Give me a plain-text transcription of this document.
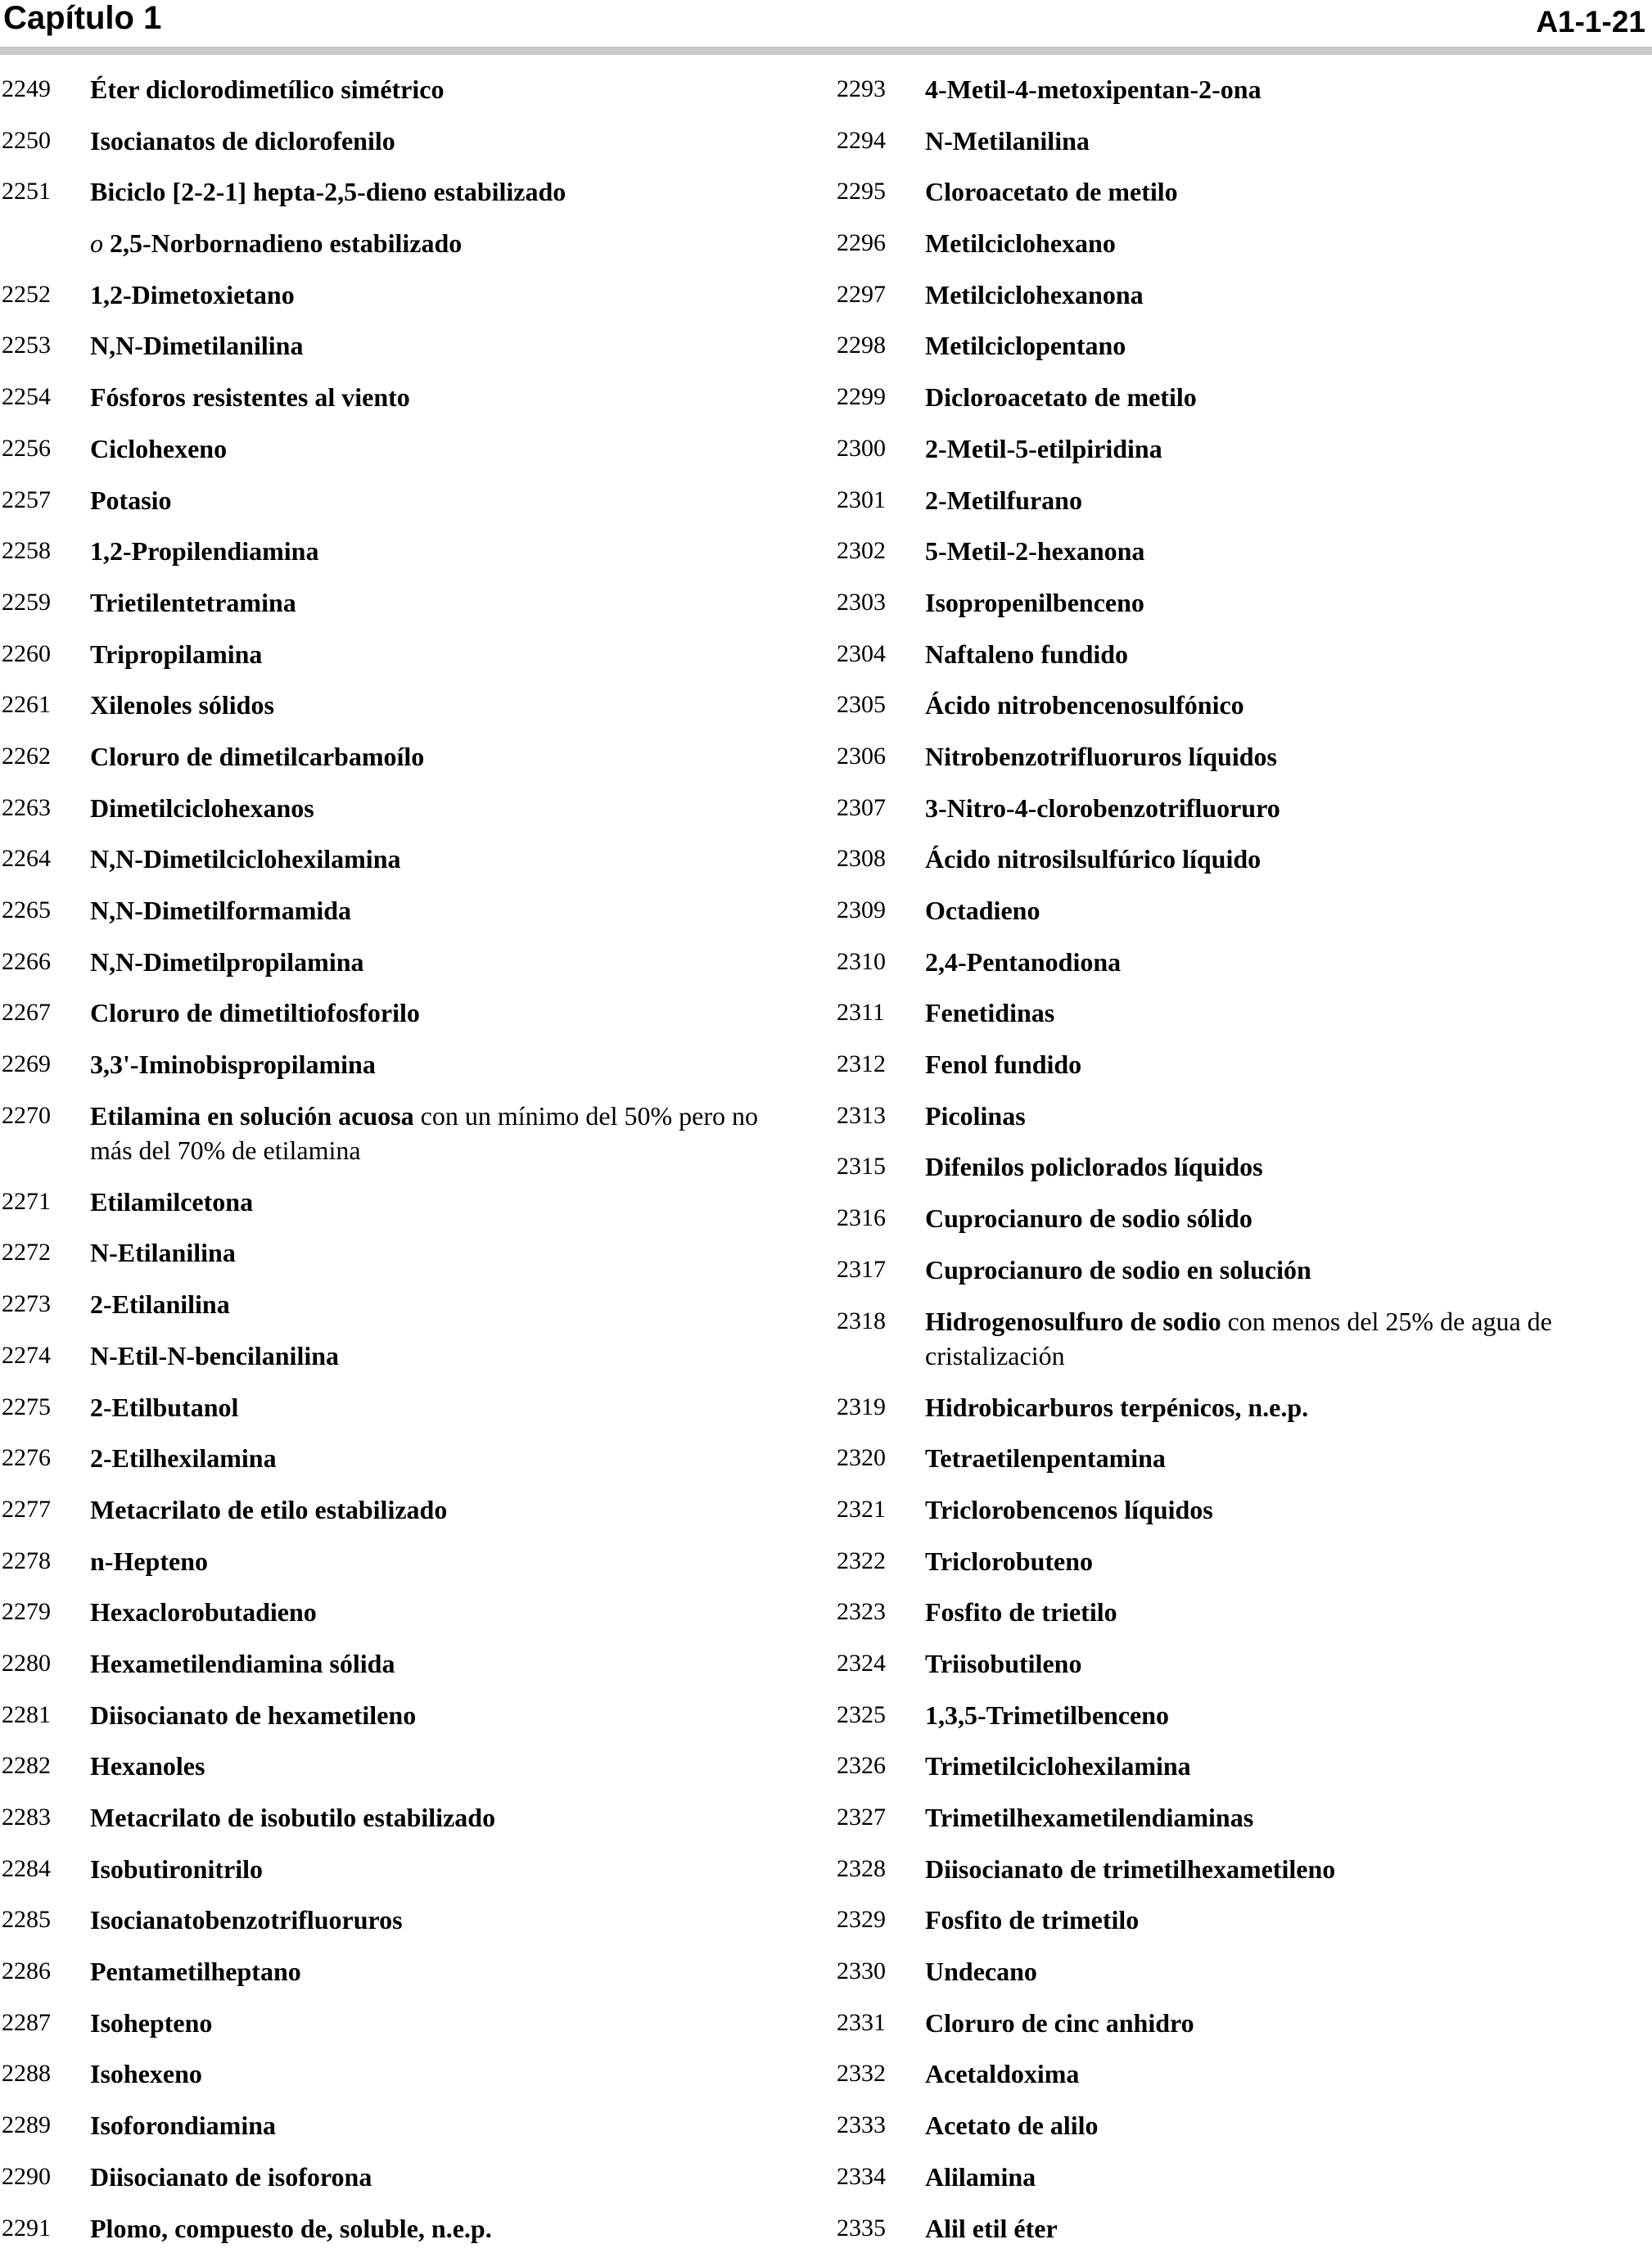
Capítulo 1	A1-1-21
2249	Éter diclorodimetílico simétrico
2250	Isocianatos de diclorofenilo
2251	Biciclo [2-2-1] hepta-2,5-dieno estabilizado
o 2,5-Norbornadieno estabilizado
2252	1,2-Dimetoxietano
2253	N,N-Dimetilanilina
2254	Fósforos resistentes al viento
2256	Ciclohexeno
2257	Potasio
2258	1,2-Propilendiamina
2259	Trietilentetramina
2260	Tripropilamina
2261	Xilenoles sólidos
2262	Cloruro de dimetilcarbamoílo
2263	Dimetilciclohexanos
2264	N,N-Dimetilciclohexilamina
2265	N,N-Dimetilformamida
2266	N,N-Dimetilpropilamina
2267	Cloruro de dimetiltiofosforilo
2269	3,3'-Iminobispropilamina
2270	Etilamina en solución acuosa con un mínimo del 50% pero no más del 70% de etilamina
2271	Etilamilcetona
2272	N-Etilanilina
2273	2-Etilanilina
2274	N-Etil-N-bencilanilina
2275	2-Etilbutanol
2276	2-Etilhexilamina
2277	Metacrilato de etilo estabilizado
2278	n-Hepteno
2279	Hexaclorobutadieno
2280	Hexametilendiamina sólida
2281	Diisocianato de hexametileno
2282	Hexanoles
2283	Metacrilato de isobutilo estabilizado
2284	Isobutironitrilo
2285	Isocianatobenzotrifluoruros
2286	Pentametilheptano
2287	Isohepteno
2288	Isohexeno
2289	Isoforondiamina
2290	Diisocianato de isoforona
2291	Plomo, compuesto de, soluble, n.e.p.
2293	4-Metil-4-metoxipentan-2-ona
2294	N-Metilanilina
2295	Cloroacetato de metilo
2296	Metilciclohexano
2297	Metilciclohexanona
2298	Metilciclopentano
2299	Dicloroacetato de metilo
2300	2-Metil-5-etilpiridina
2301	2-Metilfurano
2302	5-Metil-2-hexanona
2303	Isopropenilbenceno
2304	Naftaleno fundido
2305	Ácido nitrobencenosulfónico
2306	Nitrobenzotrifluoruros líquidos
2307	3-Nitro-4-clorobenzotrifluoruro
2308	Ácido nitrosilsulfúrico líquido
2309	Octadieno
2310	2,4-Pentanodiona
2311	Fenetidinas
2312	Fenol fundido
2313	Picolinas
2315	Difenilos policlorados líquidos
2316	Cuprocianuro de sodio sólido
2317	Cuprocianuro de sodio en solución
2318	Hidrogenosulfuro de sodio con menos del 25% de agua de cristalización
2319	Hidrobicarburos terpénicos, n.e.p.
2320	Tetraetilenpentamina
2321	Triclorobencenos líquidos
2322	Triclorobuteno
2323	Fosfito de trietilo
2324	Triisobutileno
2325	1,3,5-Trimetilbenceno
2326	Trimetilciclohexilamina
2327	Trimetilhexametilendiaminas
2328	Diisocianato de trimetilhexametileno
2329	Fosfito de trimetilo
2330	Undecano
2331	Cloruro de cinc anhidro
2332	Acetaldoxima
2333	Acetato de alilo
2334	Alilamina
2335	Alil etil éter
